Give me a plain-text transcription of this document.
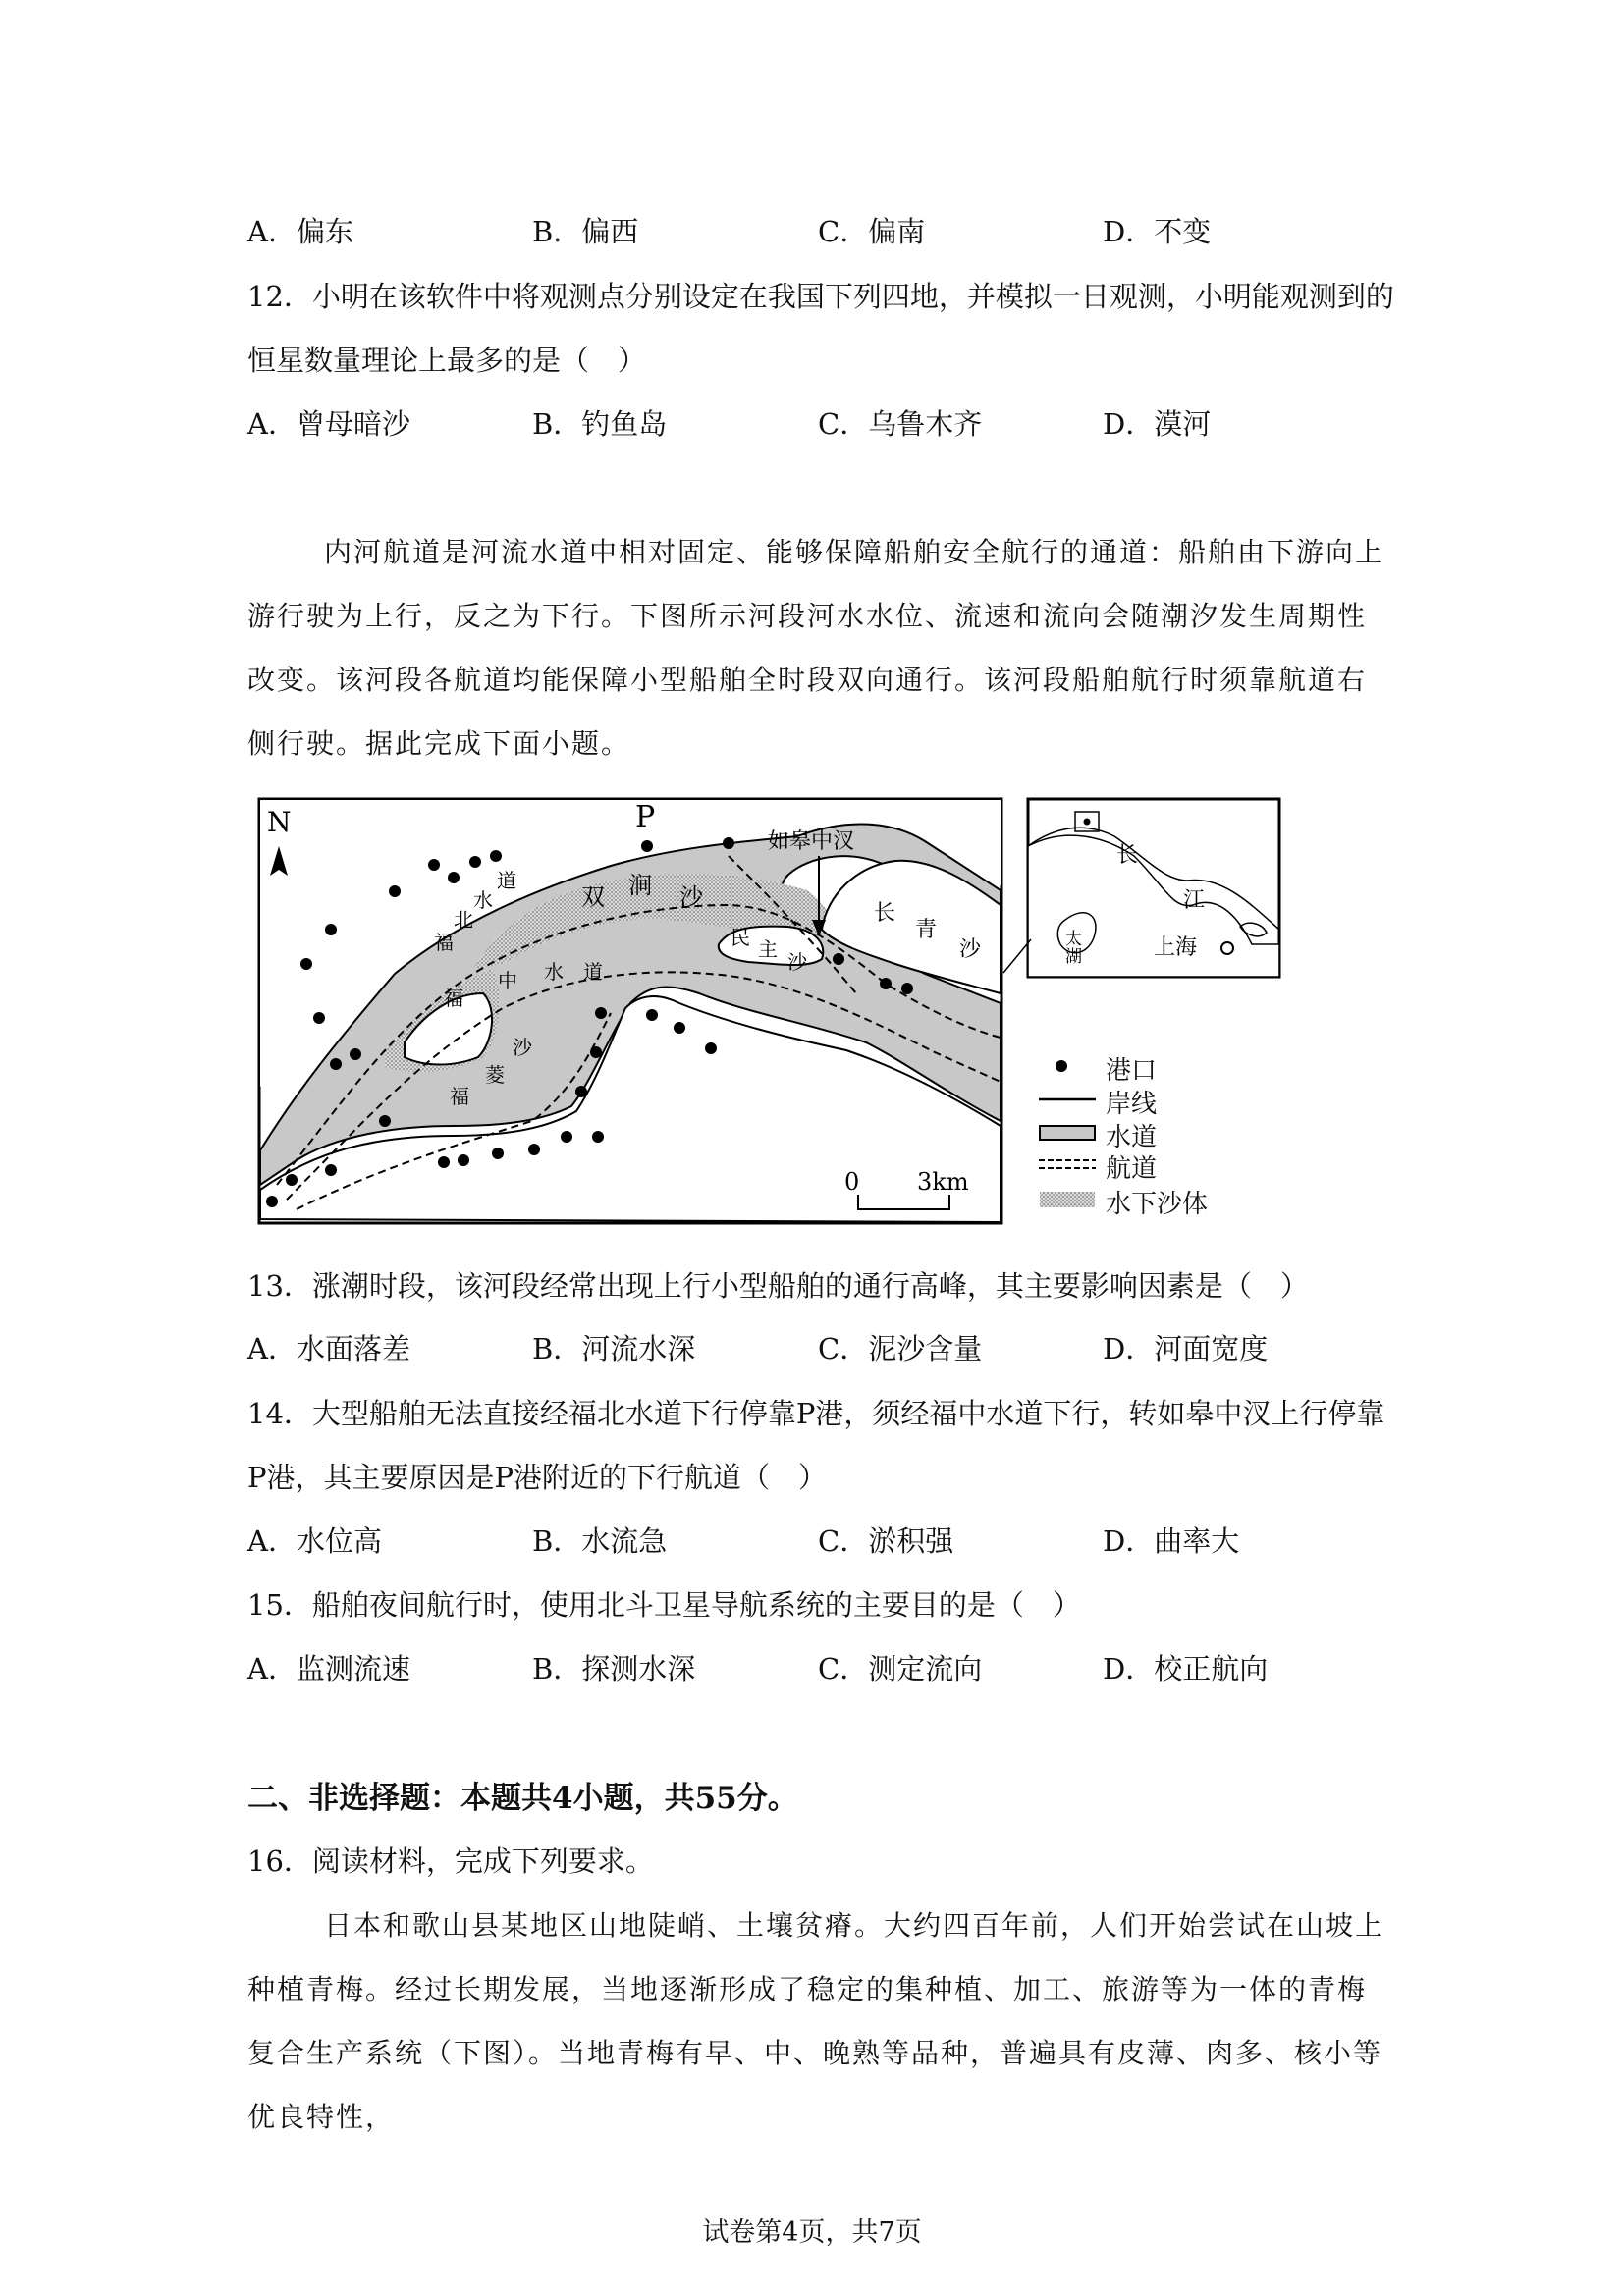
A．偏东	B．偏西	C．偏南	D．不变
12．小明在该软件中将观测点分别设定在我国下列四地，并模拟一日观测，小明能观测到的
恒星数量理论上最多的是（　）
A．曾母暗沙	B．钓鱼岛	C．乌鲁木齐	D．漠河
内河航道是河流水道中相对固定、能够保障船舶安全航行的通道：船舶由下游向上游行驶为上行，反之为下行。下图所示河段河水水位、流速和流向会随潮汐发生周期性改变。该河段各航道均能保障小型船舶全时段双向通行。该河段船舶航行时须靠航道右侧行驶。据此完成下面小题。
N	P
如皋中汊
福
北
水
道
双 涧 沙
民 主
沙
长
青
沙
福
中 水 道
沙
菱
福
0 3km
长
江
太
湖	上海
港口
岸线
水道
航道
水下沙体
13．涨潮时段，该河段经常出现上行小型船舶的通行高峰，其主要影响因素是（　）
A．水面落差	B．河流水深	C．泥沙含量	D．河面宽度
14．大型船舶无法直接经福北水道下行停靠P港，须经福中水道下行，转如皋中汊上行停靠
P港，其主要原因是P港附近的下行航道（　）
A．水位高	B．水流急	C．淤积强	D．曲率大
15．船舶夜间航行时，使用北斗卫星导航系统的主要目的是（　）
A．监测流速	B．探测水深	C．测定流向	D．校正航向
二、非选择题：本题共4小题，共55分。
16．阅读材料，完成下列要求。
日本和歌山县某地区山地陡峭、土壤贫瘠。大约四百年前，人们开始尝试在山坡上种植青梅。经过长期发展，当地逐渐形成了稳定的集种植、加工、旅游等为一体的青梅复合生产系统（下图）。当地青梅有早、中、晚熟等品种，普遍具有皮薄、肉多、核小等优良特性，
试卷第4页，共7页
